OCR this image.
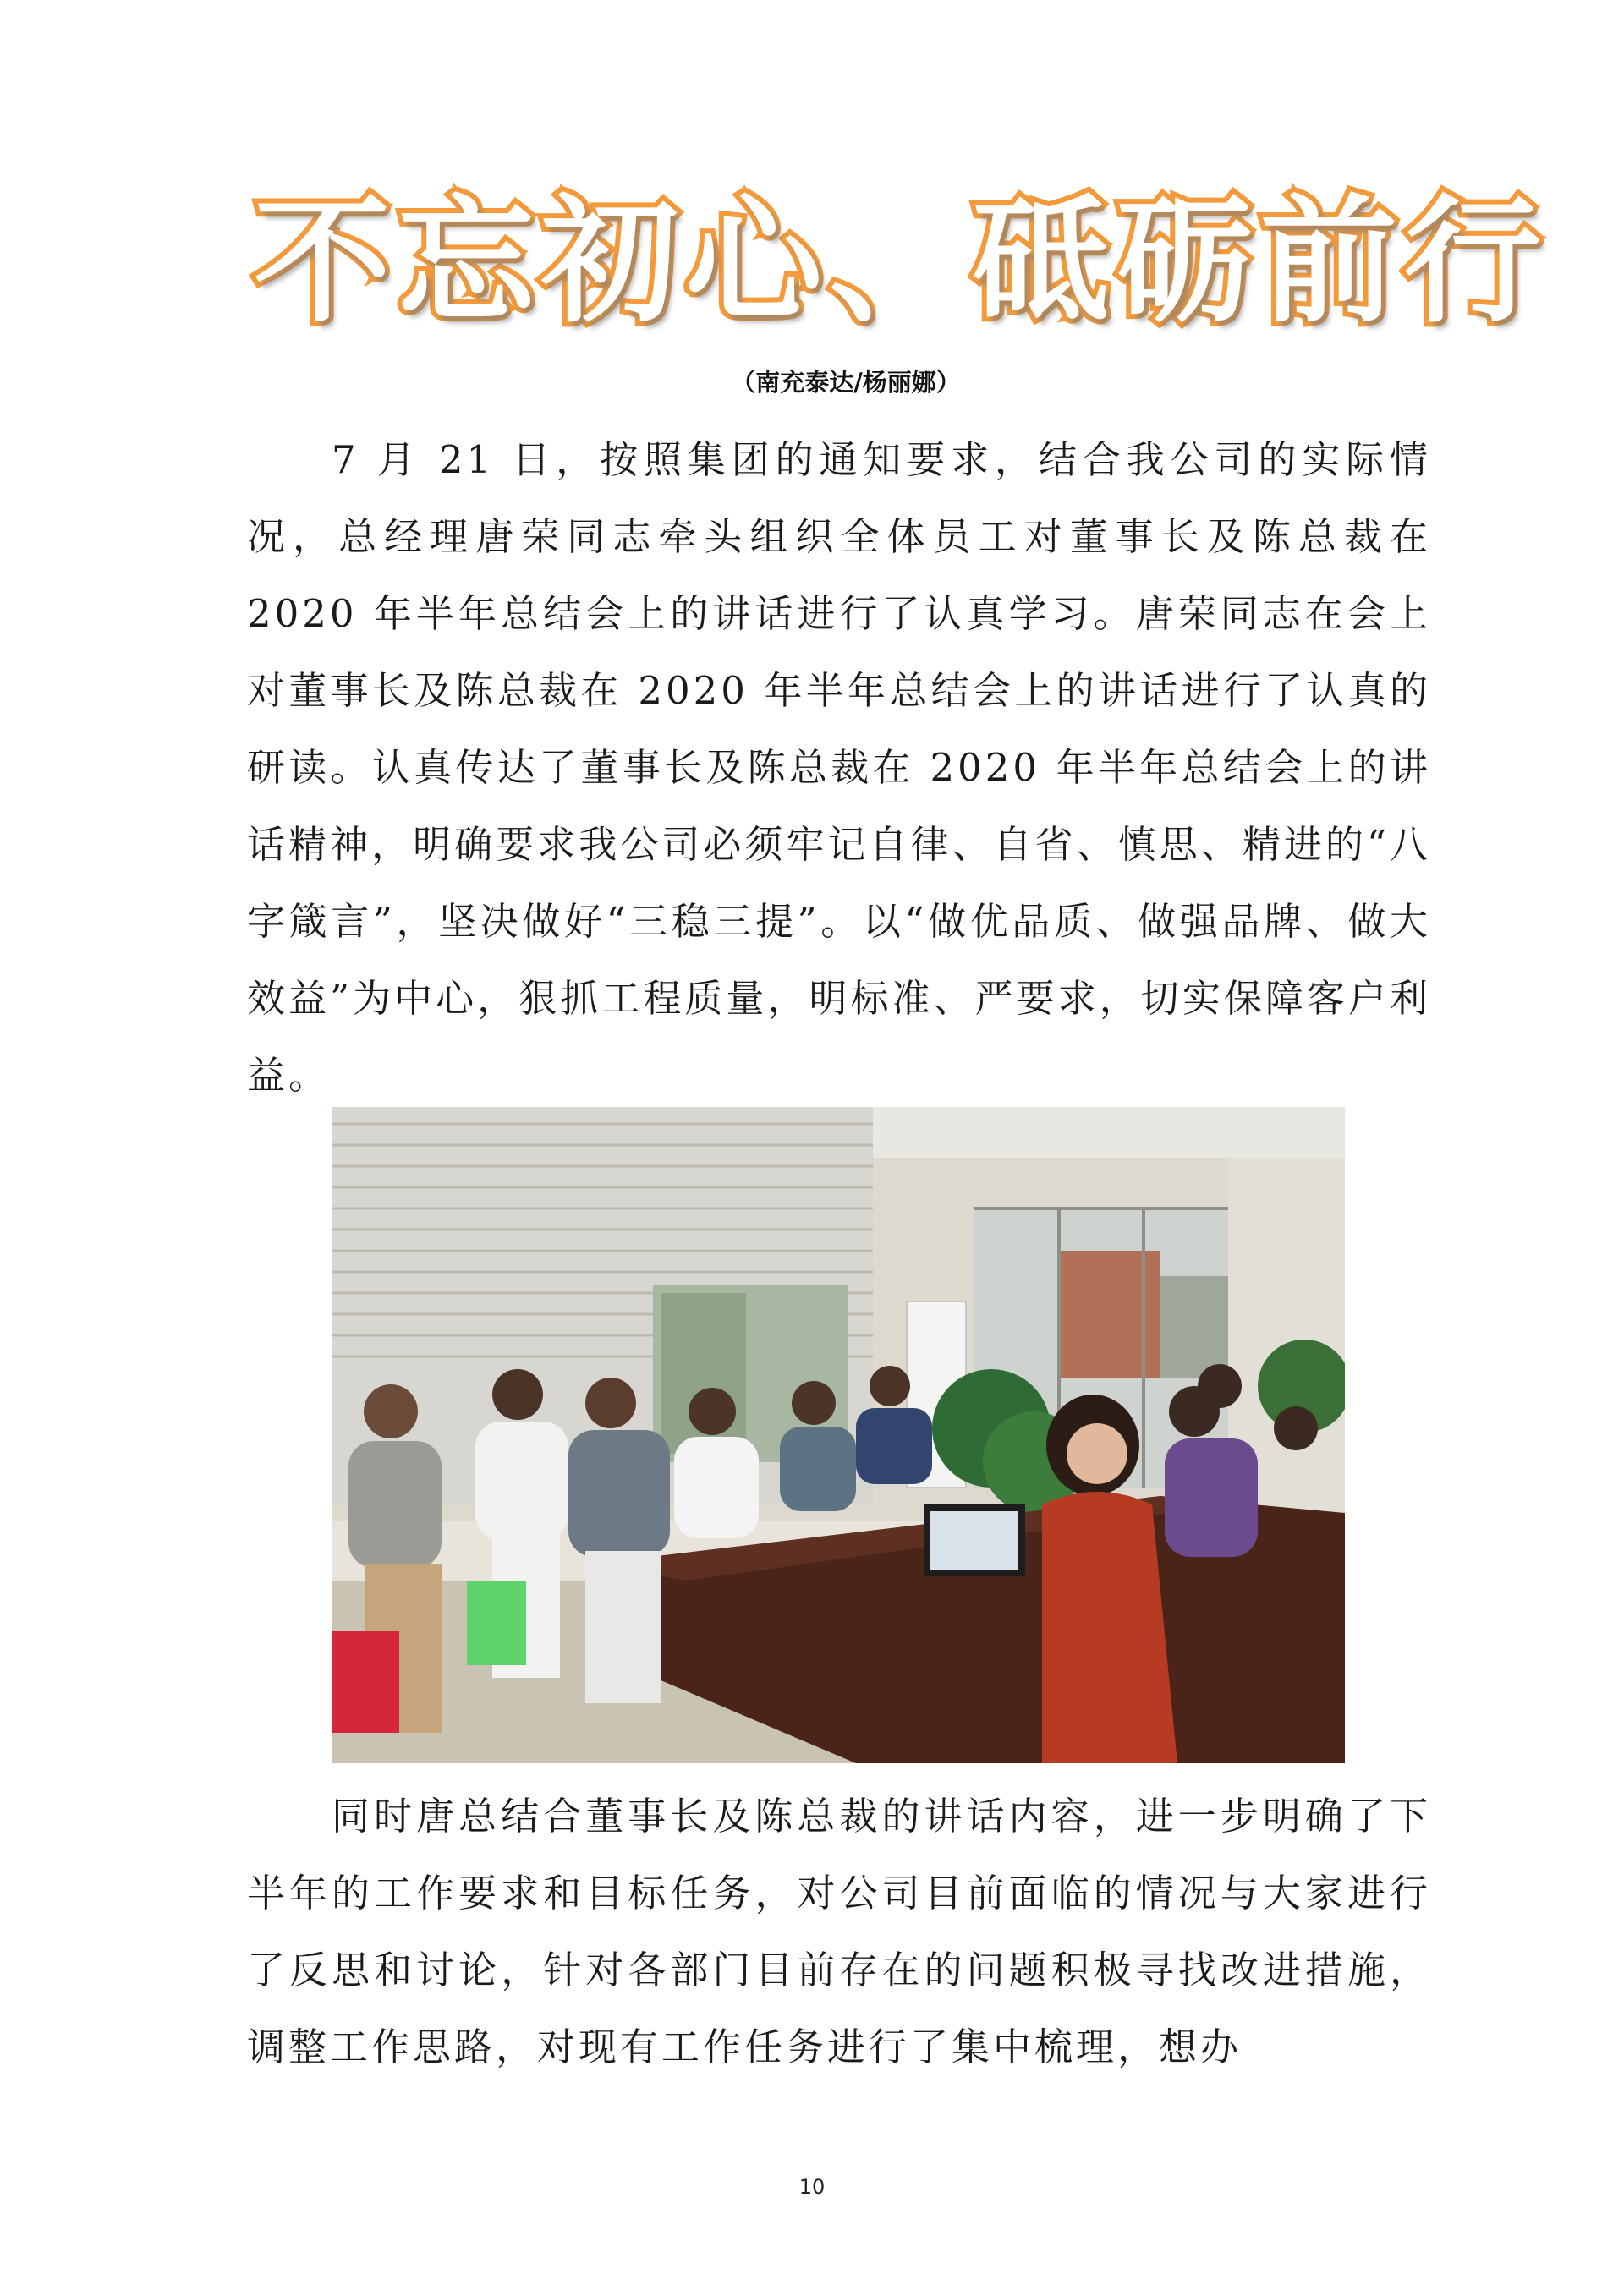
不忘初心、砥砺前行
（南充泰达/杨丽娜）

7 月 21 日，按照集团的通知要求，结合我公司的实际情况，总经理唐荣同志牵头组织全体员工对董事长及陈总裁在 2020 年半年总结会上的讲话进行了认真学习。唐荣同志在会上对董事长及陈总裁在 2020 年半年总结会上的讲话进行了认真的研读。认真传达了董事长及陈总裁在 2020 年半年总结会上的讲话精神，明确要求我公司必须牢记自律、自省、慎思、精进的“八字箴言”，坚决做好“三稳三提”。以“做优品质、做强品牌、做大效益”为中心，狠抓工程质量，明标准、严要求，切实保障客户利益。

同时唐总结合董事长及陈总裁的讲话内容，进一步明确了下半年的工作要求和目标任务，对公司目前面临的情况与大家进行了反思和讨论，针对各部门目前存在的问题积极寻找改进措施，调整工作思路，对现有工作任务进行了集中梳理，想办

10
